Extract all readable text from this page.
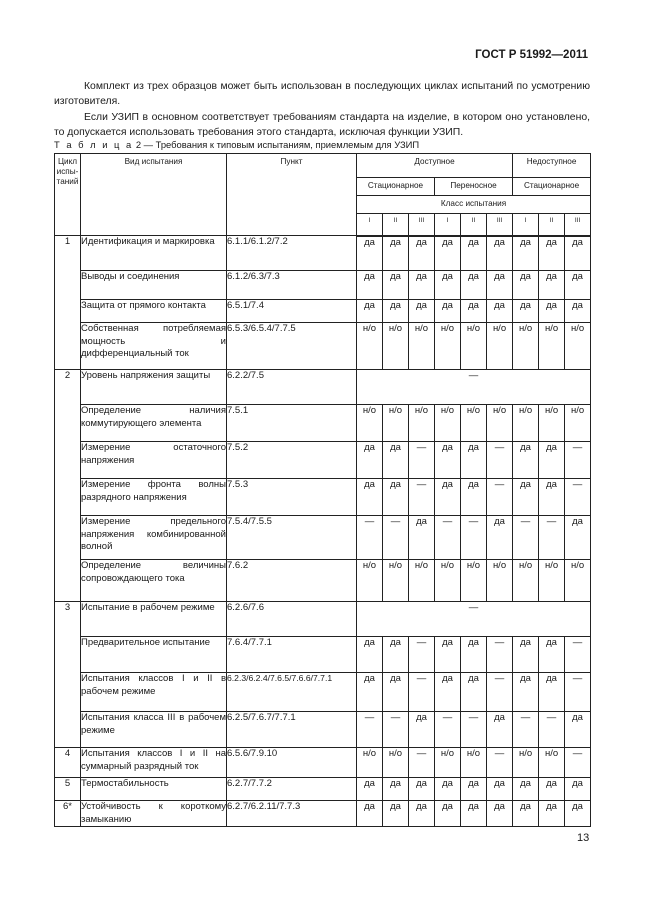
ГОСТ Р 51992—2011

Комплект из трех образцов может быть использован в последующих циклах испытаний по усмотрению изготовителя.

Если УЗИП в основном соответствует требованиям стандарта на изделие, в котором оно установлено, то допускается использовать требования этого стандарта, исключая функции УЗИП.

Т а б л и ц а 2 — Требования к типовым испытаниям, приемлемым для УЗИП
Цикл испы-таний	Вид испытания	Пункт	Доступное						Недоступное		
			Стационарное			Переносное			Стационарное		
			Класс испытания								
			I	II	III	I	II	III	I	II	III
1	Идентификация и маркировка	6.1.1/6.1.2/7.2	да	да	да	да	да	да	да	да	да
	Выводы и соединения	6.1.2/6.3/7.3	да	да	да	да	да	да	да	да	да
	Защита от прямого контакта	6.5.1/7.4	да	да	да	да	да	да	да	да	да
	Собственная потребляемая мощность и дифференциальный ток	6.5.3/6.5.4/7.7.5	н/о	н/о	н/о	н/о	н/о	н/о	н/о	н/о	н/о
2	Уровень напряжения защиты	6.2.2/7.5	—								
	Определение наличия коммутирующего элемента	7.5.1	н/о	н/о	н/о	н/о	н/о	н/о	н/о	н/о	н/о
	Измерение остаточного напряжения	7.5.2	да	да	—	да	да	—	да	да	—
	Измерение фронта волны разрядного напряжения	7.5.3	да	да	—	да	да	—	да	да	—
	Измерение предельного напряжения комбинированной волной	7.5.4/7.5.5	—	—	да	—	—	да	—	—	да
	Определение величины сопровождающего тока	7.6.2	н/о	н/о	н/о	н/о	н/о	н/о	н/о	н/о	н/о
3	Испытание в рабочем режиме	6.2.6/7.6	—								
	Предварительное испытание	7.6.4/7.7.1	да	да	—	да	да	—	да	да	—
	Испытания классов I и II в рабочем режиме	6.2.3/6.2.4/7.6.5/7.6.6/7.7.1	да	да	—	да	да	—	да	да	—
	Испытания класса III в рабочем режиме	6.2.5/7.6.7/7.7.1	—	—	да	—	—	да	—	—	да
4	Испытания классов I и II на суммарный разрядный ток	6.5.6/7.9.10	н/о	н/о	—	н/о	н/о	—	н/о	н/о	—
5	Термостабильность	6.2.7/7.7.2	да	да	да	да	да	да	да	да	да
6*	Устойчивость к короткому замыканию	6.2.7/6.2.11/7.7.3	да	да	да	да	да	да	да	да	да
13
